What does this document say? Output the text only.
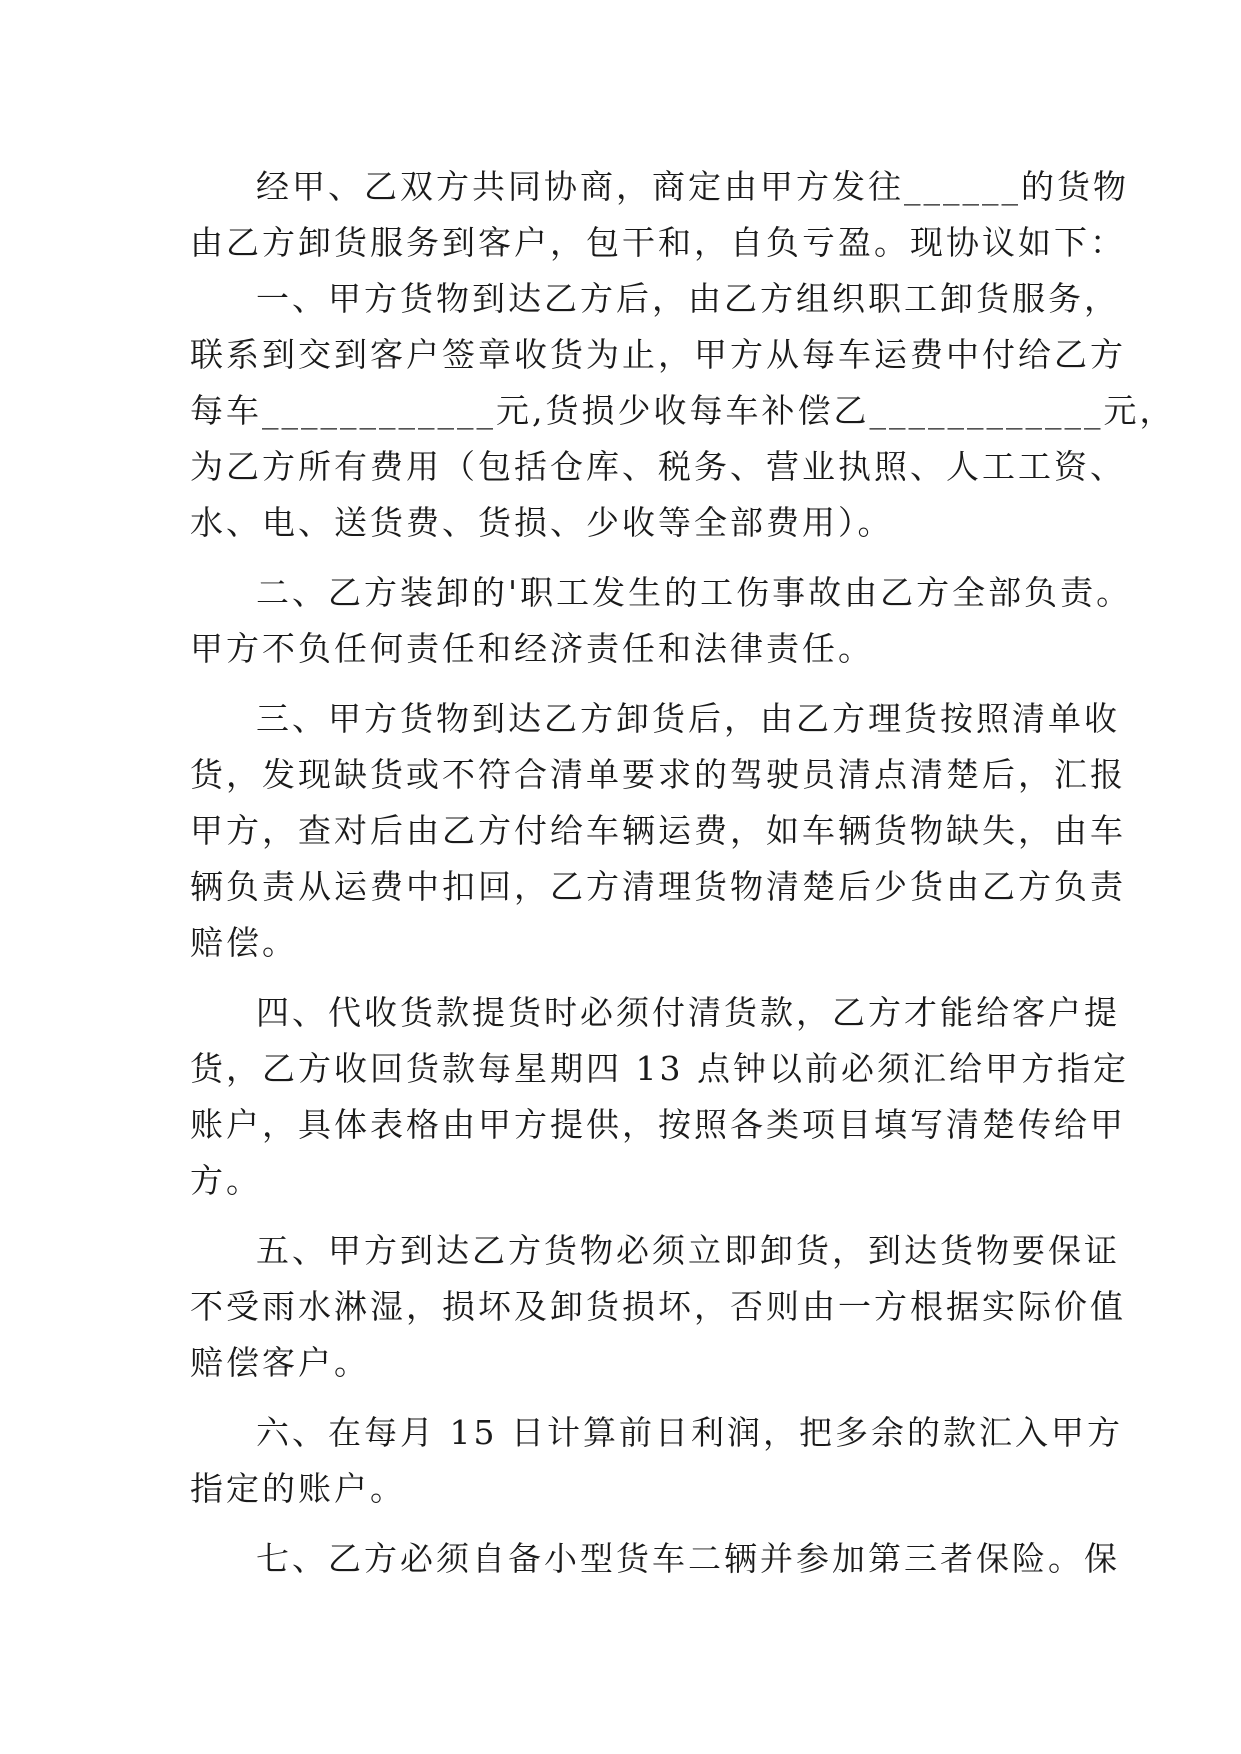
经甲、乙双方共同协商，商定由甲方发往______的货物
由乙方卸货服务到客户，包干和，自负亏盈。现协议如下：
一、甲方货物到达乙方后，由乙方组织职工卸货服务，
联系到交到客户签章收货为止，甲方从每车运费中付给乙方
每车____________元,货损少收每车补偿乙____________元，
为乙方所有费用（包括仓库、税务、营业执照、人工工资、
水、电、送货费、货损、少收等全部费用）。
二、乙方装卸的'职工发生的工伤事故由乙方全部负责。
甲方不负任何责任和经济责任和法律责任。
三、甲方货物到达乙方卸货后，由乙方理货按照清单收
货，发现缺货或不符合清单要求的驾驶员清点清楚后，汇报
甲方，查对后由乙方付给车辆运费，如车辆货物缺失，由车
辆负责从运费中扣回，乙方清理货物清楚后少货由乙方负责
赔偿。
四、代收货款提货时必须付清货款，乙方才能给客户提
货，乙方收回货款每星期四 13 点钟以前必须汇给甲方指定
账户，具体表格由甲方提供，按照各类项目填写清楚传给甲
方。
五、甲方到达乙方货物必须立即卸货，到达货物要保证
不受雨水淋湿，损坏及卸货损坏，否则由一方根据实际价值
赔偿客户。
六、在每月 15 日计算前日利润，把多余的款汇入甲方
指定的账户。
七、乙方必须自备小型货车二辆并参加第三者保险。保
